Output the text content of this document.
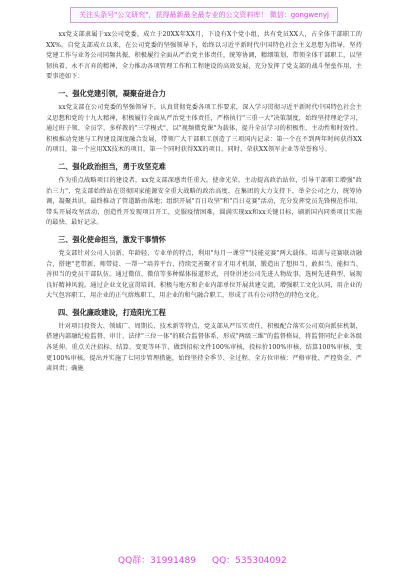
关注头条号"公文研究"，获得最新最全最专业的公文资料库！ 微信：gongwenyj

xx党支部隶属于xx公司党委，成立于20XX年XX月，下设有X个党小组，共有党员XX人，占全体干部职工的XX%。自党支部成立以来，在公司党委的坚强领导下，始终以习近平新时代中国特色社会主义思想为指导，坚持党建工作与业务公司同频共振，积极履行全面从严治党主体责任，统筹协调，精细策划，带领全体干部职工，以坚韧执着、永不言弃的精神，全力推动各项管理工作和工程建设的高效发展，充分发挥了党支部的战斗堡垒作用，主要事迹如下：

一、强化党建引领，凝聚奋进合力

xx党支部在公司党委的坚强领导下，认真贯彻党委各项工作要求，深入学习贯彻习近平新时代中国特色社会主义思想和党的十九大精神，积极履行全面从严治党主体责任，严格执行"三重一大"决策制度，始终坚持理论学习，通过班子领、全员学、多样教的"三学模式"，以"视频微党课"为载体，提升全员学习的积极性、主动性和时效性。积极推动党建与工程建设深度融合发展，带领广大干部职工创造了三项国内记录：第一个在不到两年时间获得XX的项目，第一个应用XX技术的项目，第一个同时获得XX的项目。同时，荣获XX领军企业等荣誉称号。

二、强化政治担当，勇于攻坚克难

作为重点战略项目的建设者，xx党支部深感责任重大，使命光荣。主动提高政治站位，引导干部职工增强"政治三力"，党支部始终站在贯彻国家能源安全重大战略的政治高度，在集团的大力支持下，举全公司之力，统筹协调，凝聚共识，最终推动了管道路由落地；组织开展"百日攻坚"和"百日竞赛"活动，充分发挥党员先锋模范作用，带头开展攻坚活动，创造性开发现项目开工，克服疫情困难，圆满实现xx和xx关键目标，刷新国内同类项目实施的最快、最好记录。

三、强化使命担当，激发干事情怀

党支部针对公司人员新、年龄轻、专业单的特点，利用"每月一课堂""技能竞赛"两大载体，培训与竞赛联动融合，搭建"老带新、师带徒、一帮一"培养平台，持续完善聚才育才用才机制，锻造出了想担当、敢担当、能担当、善担当的党员干部队伍。通过微信、微信等多种媒体报道形式，刊登讲述公司先进人物故事，选树先进典型，展现良好精神风貌。通过企业文化宣贯培训、积极与地方和企业内部单位开展共建交流，增强职工文化认同，用企业的大气包容职工，用企业的正气熔炼职工，用企业的和气融合职工，形成了具有公司特色的特色文化。

四、强化廉政建设，打造阳光工程

针对项目投资大、领域广、周期长、技术新等特点，党支部从严压实责任，积极配合落实公司双向派驻机制，搭建内部融纪检监督、审计、法律"三位一体"的联合监督体系，形成"两级三维"的监督格局，将监督同纪企业各级各延伸。重点关注招标、结算、变更等环节，做到招标文件100%审核，投标价100%审核，结算100%审核，变更100%审核。提出并实施了七同步管理措施，始终坚持全季节、全过程、全方位审核：严格审批、严控资金、严肃问责；确施

QQ群：31991489 QQ：535304092
